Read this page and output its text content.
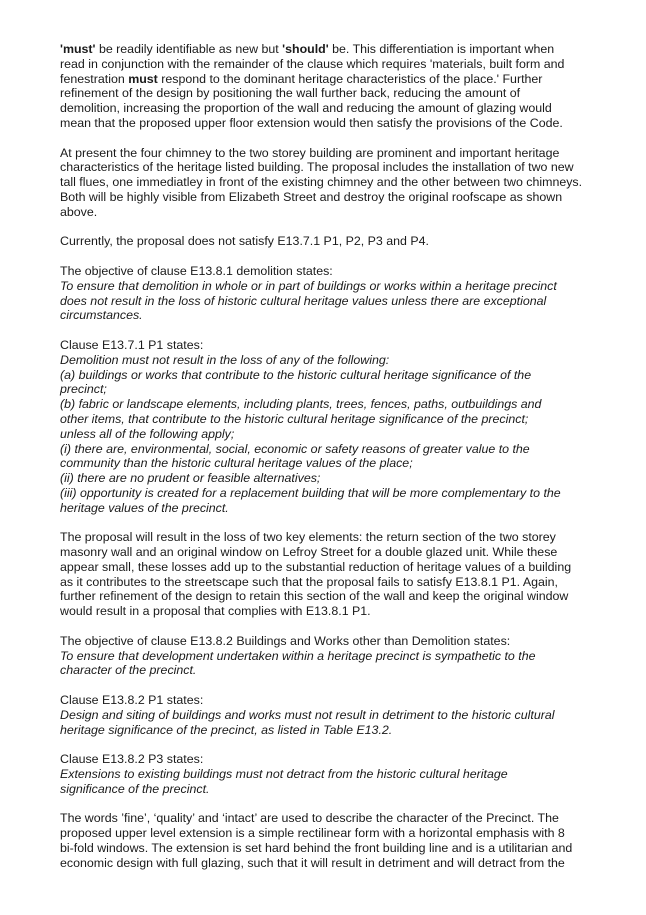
'must' be readily identifiable as new but 'should' be. This differentiation is important when
read in conjunction with the remainder of the clause which requires 'materials, built form and
fenestration must respond to the dominant heritage characteristics of the place.' Further
refinement of the design by positioning the wall further back, reducing the amount of
demolition, increasing the proportion of the wall and reducing the amount of glazing would
mean that the proposed upper floor extension would then satisfy the provisions of the Code.
At present the four chimney to the two storey building are prominent and important heritage
characteristics of the heritage listed building. The proposal includes the installation of two new
tall flues, one immediatley in front of the existing chimney and the other between two chimneys.
Both will be highly visible from Elizabeth Street and destroy the original roofscape as shown
above.
Currently, the proposal does not satisfy E13.7.1 P1, P2, P3 and P4.
The objective of clause E13.8.1 demolition states:
To ensure that demolition in whole or in part of buildings or works within a heritage precinct
does not result in the loss of historic cultural heritage values unless there are exceptional
circumstances.
Clause E13.7.1 P1 states:
Demolition must not result in the loss of any of the following:
(a) buildings or works that contribute to the historic cultural heritage significance of the
precinct;
(b) fabric or landscape elements, including plants, trees, fences, paths, outbuildings and
other items, that contribute to the historic cultural heritage significance of the precinct;
unless all of the following apply;
(i) there are, environmental, social, economic or safety reasons of greater value to the
community than the historic cultural heritage values of the place;
(ii) there are no prudent or feasible alternatives;
(iii) opportunity is created for a replacement building that will be more complementary to the
heritage values of the precinct.
The proposal will result in the loss of two key elements: the return section of the two storey
masonry wall and an original window on Lefroy Street for a double glazed unit. While these
appear small, these losses add up to the substantial reduction of heritage values of a building
as it contributes to the streetscape such that the proposal fails to satisfy E13.8.1 P1. Again,
further refinement of the design to retain this section of the wall and keep the original window
would result in a proposal that complies with E13.8.1 P1.
The objective of clause E13.8.2 Buildings and Works other than Demolition states:
To ensure that development undertaken within a heritage precinct is sympathetic to the
character of the precinct.
Clause E13.8.2 P1 states:
Design and siting of buildings and works must not result in detriment to the historic cultural
heritage significance of the precinct, as listed in Table E13.2.
Clause E13.8.2 P3 states:
Extensions to existing buildings must not detract from the historic cultural heritage
significance of the precinct.
The words ’fine’, ‘quality’ and ‘intact’ are used to describe the character of the Precinct. The
proposed upper level extension is a simple rectilinear form with a horizontal emphasis with 8
bi-fold windows. The extension is set hard behind the front building line and is a utilitarian and
economic design with full glazing, such that it will result in detriment and will detract from the
